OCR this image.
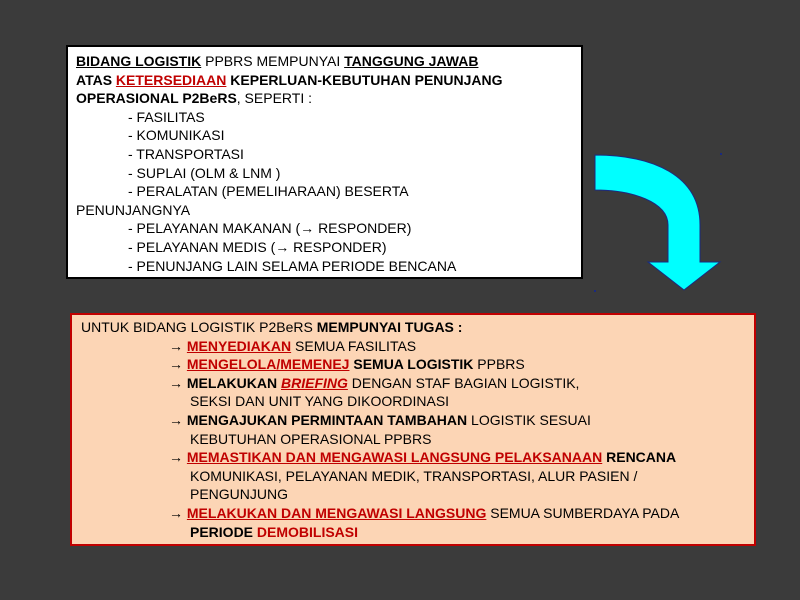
BIDANG LOGISTIK PPBRS MEMPUNYAI TANGGUNG JAWAB
ATAS KETERSEDIAAN KEPERLUAN-KEBUTUHAN PENUNJANG
OPERASIONAL P2BeRS, SEPERTI :
- FASILITAS
- KOMUNIKASI
- TRANSPORTASI
- SUPLAI (OLM & LNM )
- PERALATAN (PEMELIHARAAN) BESERTA
PENUNJANGNYA
- PELAYANAN MAKANAN (→ RESPONDER)
- PELAYANAN MEDIS (→ RESPONDER)
- PENUNJANG LAIN SELAMA PERIODE BENCANA
UNTUK BIDANG LOGISTIK P2BeRS MEMPUNYAI TUGAS :
→ MENYEDIAKAN SEMUA FASILITAS
→ MENGELOLA/MEMENEJ SEMUA LOGISTIK PPBRS
→ MELAKUKAN BRIEFING DENGAN STAF BAGIAN LOGISTIK,
SEKSI DAN UNIT YANG DIKOORDINASI
→ MENGAJUKAN PERMINTAAN TAMBAHAN LOGISTIK SESUAI
KEBUTUHAN OPERASIONAL PPBRS
→ MEMASTIKAN DAN MENGAWASI LANGSUNG PELAKSANAAN RENCANA
KOMUNIKASI, PELAYANAN MEDIK, TRANSPORTASI, ALUR PASIEN /
PENGUNJUNG
→ MELAKUKAN DAN MENGAWASI LANGSUNG SEMUA SUMBERDAYA PADA
PERIODE DEMOBILISASI
